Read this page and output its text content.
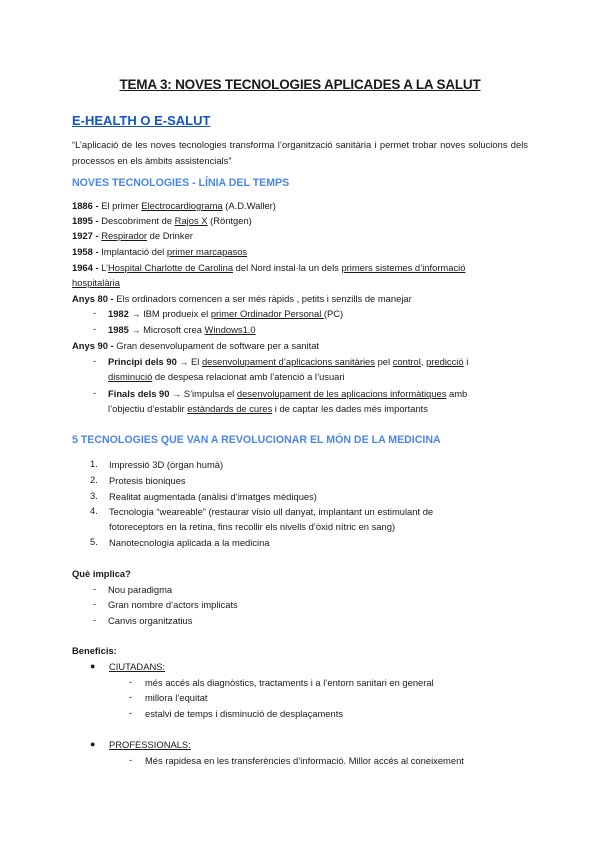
TEMA 3: NOVES TECNOLOGIES APLICADES A LA SALUT
E-HEALTH O E-SALUT
“L’aplicació de les noves tecnologies transforma l’organització sanitària i permet trobar noves solucions dels processos en els àmbits assistencials”
NOVES TECNOLOGIES - LÍNIA DEL TEMPS
1886 - El primer Electrocardiograma (A.D.Waller)
1895 - Descobriment de Rajos X (Röntgen)
1927 - Respirador de Drinker
1958 - Implantació del primer marcapasos
1964 - L’Hospital Charlotte de Carolina del Nord instal·la un dels primers sistemes d’informació
hospitalària
Anys 80 - Els ordinadors comencen a ser més ràpids , petits i senzills de manejar
- 1982 → IBM produeix el primer Ordinador Personal (PC)
- 1985 → Microsoft crea Windows1.0
Anys 90 - Gran desenvolupament de software per a sanitat
- Principi dels 90 → El desenvolupament d’aplicacions sanitàries pel control, predicció i
disminució de despesa relacionat amb l’atenció a l’usuari
- Finals dels 90 → S’impulsa el desenvolupament de les aplicacions informàtiques amb
l’objectiu d’establir estàndards de cures i de captar les dades més importants
5 TECNOLOGIES QUE VAN A REVOLUCIONAR EL MÓN DE LA MEDICINA
1. Impressió 3D (òrgan humà)
2. Protesis bioniques
3. Realitat augmentada (anàlisi d’imatges mèdiques)
4. Tecnologia “weareable” (restaurar visio ull danyat, implantant un estimulant de
fotoreceptors en la retina, fins recollir els nivells d’òxid nítric en sang)
5. Nanotecnologia aplicada a la medicina
Què implica?
- Nou paradigma
- Gran nombre d’actors implicats
- Canvis organitzatius
Beneficis:
● CIUTADANS:
- més accés als diagnòstics, tractaments i a l’entorn sanitari en general
- millora l’equitat
- estalvi de temps i disminució de desplaçaments
● PROFESSIONALS:
- Més rapidesa en les transferències d’informació. Millor accés al coneixement
